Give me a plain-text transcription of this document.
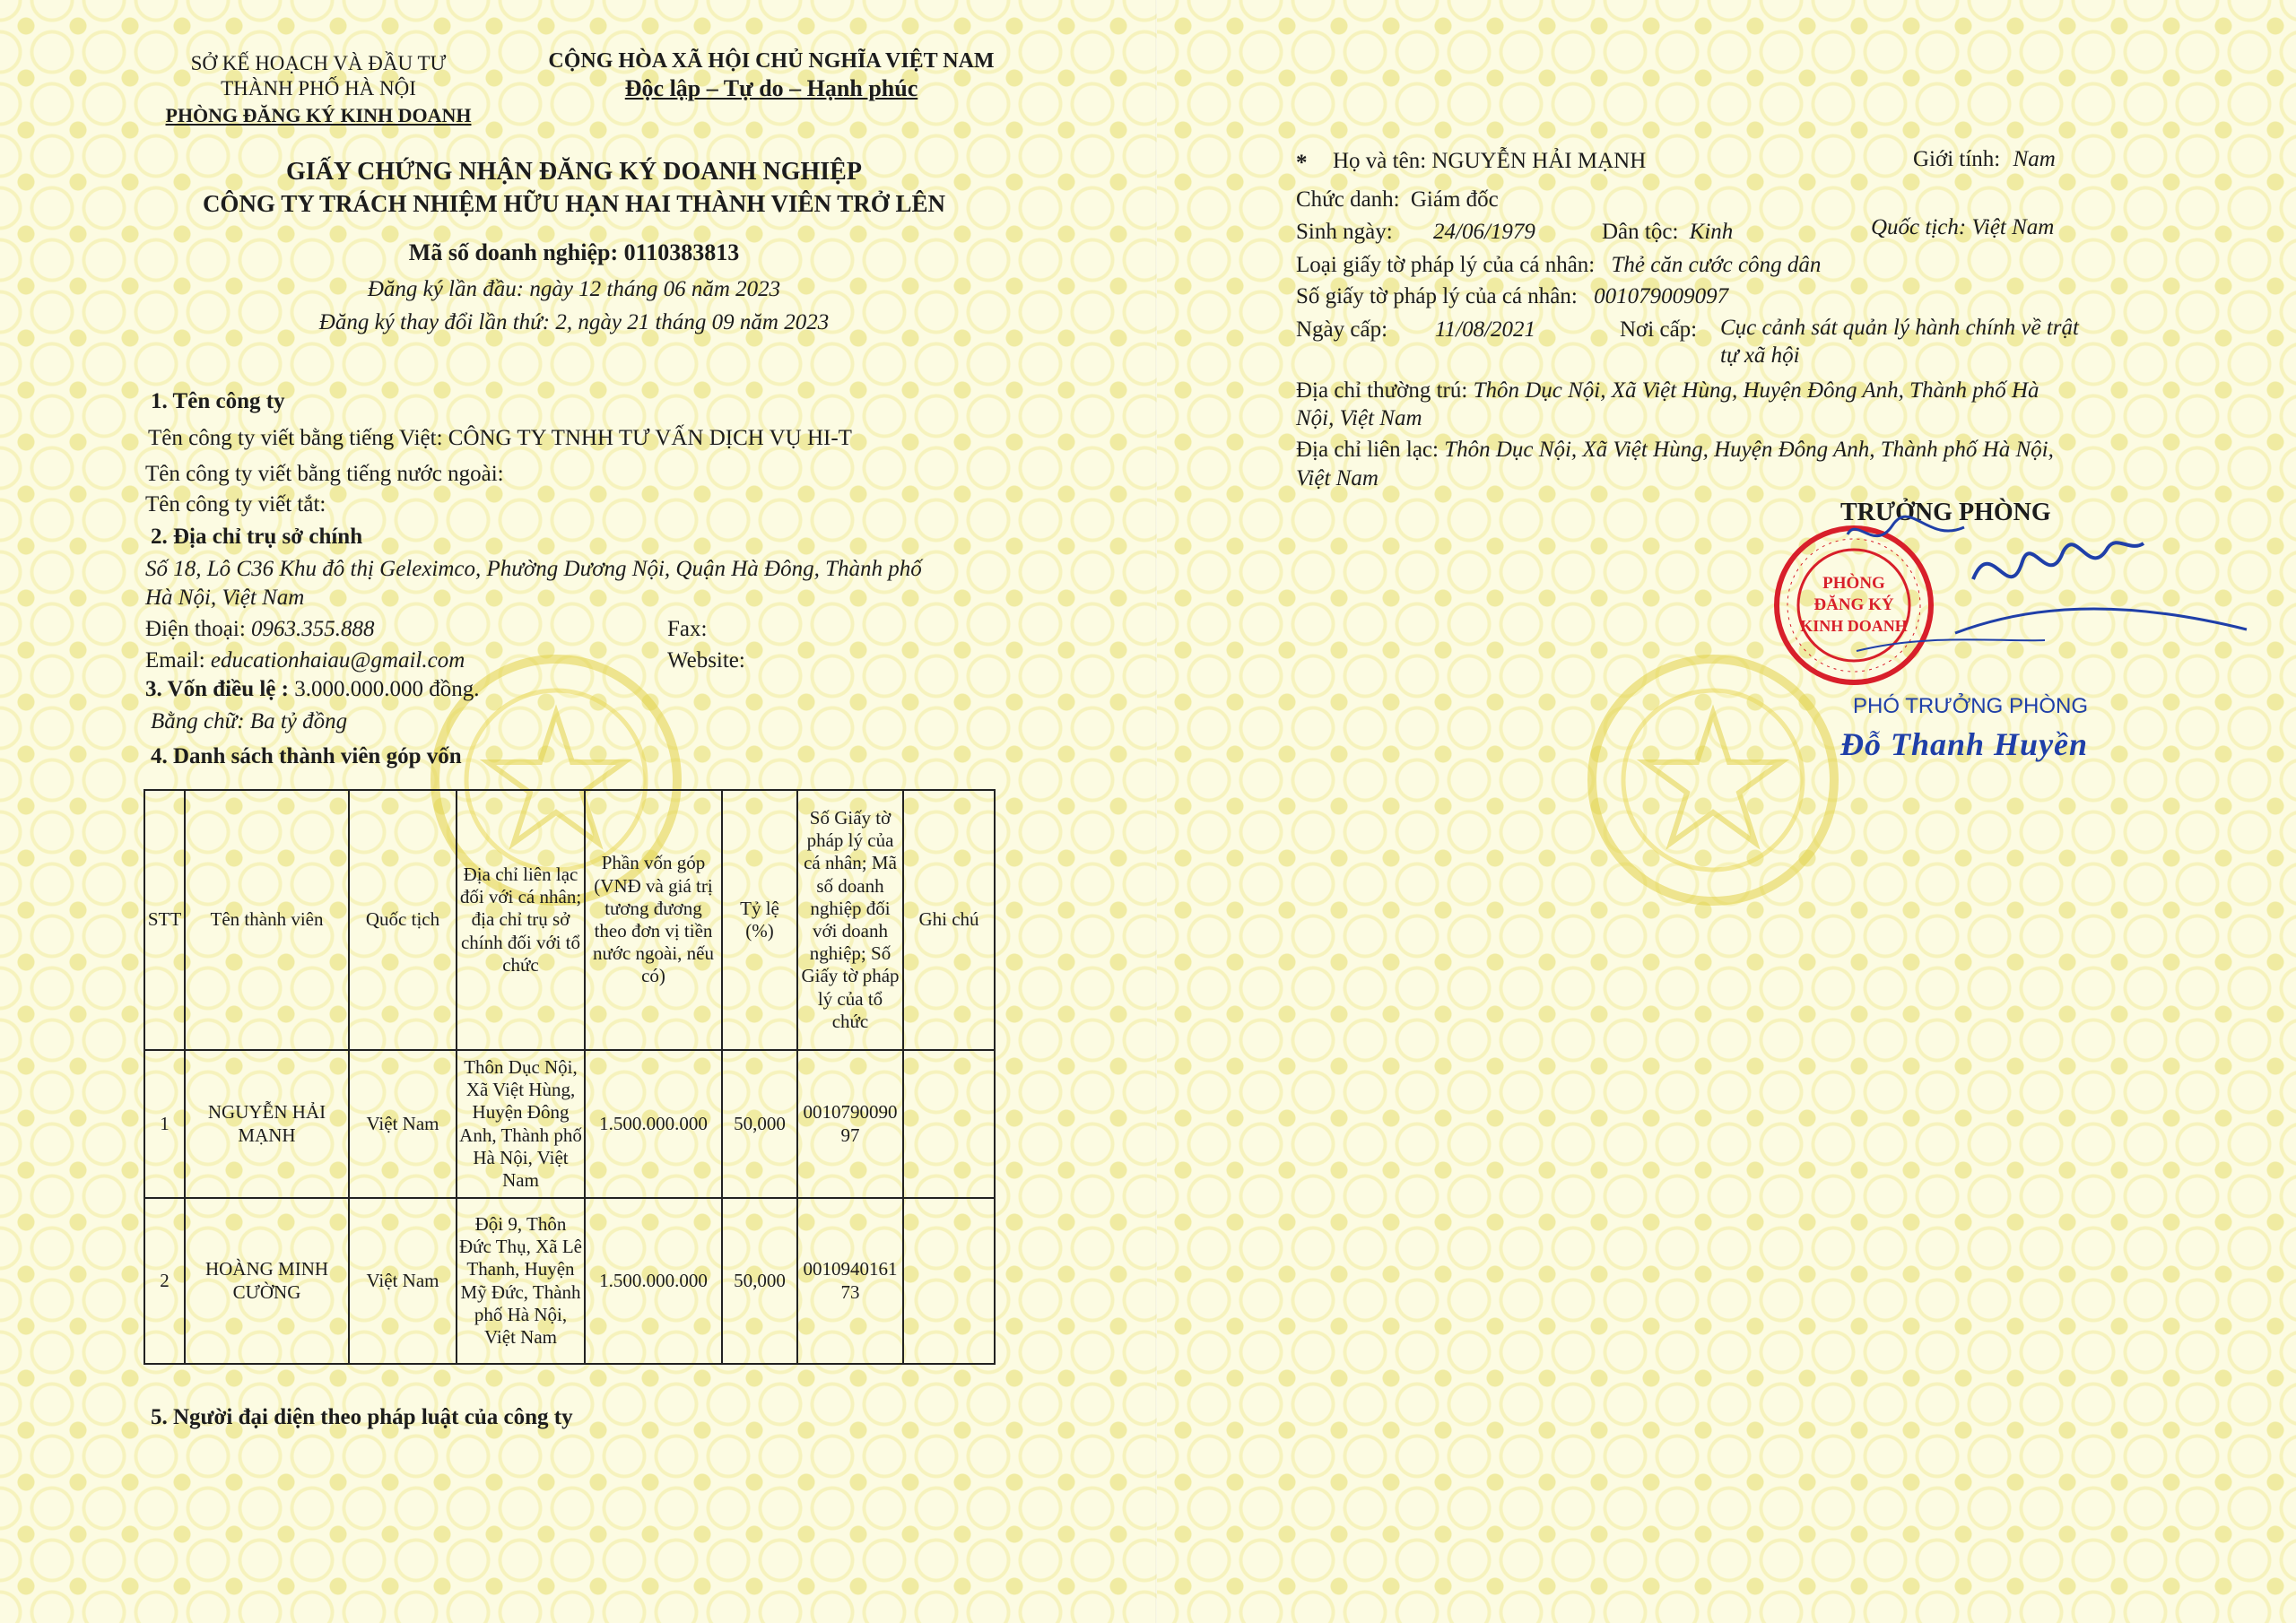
SỞ KẾ HOẠCH VÀ ĐẦU TƯ
THÀNH PHỐ HÀ NỘI
PHÒNG ĐĂNG KÝ KINH DOANH
CỘNG HÒA XÃ HỘI CHỦ NGHĨA VIỆT NAM
Độc lập – Tự do – Hạnh phúc
GIẤY CHỨNG NHẬN ĐĂNG KÝ DOANH NGHIỆP
CÔNG TY TRÁCH NHIỆM HỮU HẠN HAI THÀNH VIÊN TRỞ LÊN
Mã số doanh nghiệp: 0110383813
Đăng ký lần đầu: ngày 12 tháng 06 năm 2023
Đăng ký thay đổi lần thứ: 2, ngày 21 tháng 09 năm 2023
1. Tên công ty
Tên công ty viết bằng tiếng Việt: CÔNG TY TNHH TƯ VẤN DỊCH VỤ HI-T
Tên công ty viết bằng tiếng nước ngoài:
Tên công ty viết tắt:
2. Địa chỉ trụ sở chính
Số 18, Lô C36 Khu đô thị Geleximco, Phường Dương Nội, Quận Hà Đông, Thành phố
Hà Nội, Việt Nam
Điện thoại: 0963.355.888	Fax:
Email: educationhaiau@gmail.com	Website:
3. Vốn điều lệ : 3.000.000.000 đồng.
Bằng chữ: Ba tỷ đồng
4. Danh sách thành viên góp vốn
STT	Tên thành viên	Quốc tịch	Địa chỉ liên lạc đối với cá nhân; địa chỉ trụ sở chính đối với tổ chức	Phần vốn góp (VNĐ và giá trị tương đương theo đơn vị tiền nước ngoài, nếu có)	Tỷ lệ (%)	Số Giấy tờ pháp lý của cá nhân; Mã số doanh nghiệp đối với doanh nghiệp; Số Giấy tờ pháp lý của tổ chức	Ghi chú
1	NGUYỄN HẢI MẠNH	Việt Nam	Thôn Dục Nội, Xã Việt Hùng, Huyện Đông Anh, Thành phố Hà Nội, Việt Nam	1.500.000.000	50,000	001079009097	
2	HOÀNG MINH CƯỜNG	Việt Nam	Đội 9, Thôn Đức Thụ, Xã Lê Thanh, Huyện Mỹ Đức, Thành phố Hà Nội, Việt Nam	1.500.000.000	50,000	001094016173	
5. Người đại diện theo pháp luật của công ty
* Họ và tên: NGUYỄN HẢI MẠNH	Giới tính: Nam
Chức danh: Giám đốc
Sinh ngày: 24/06/1979	Dân tộc: Kinh	Quốc tịch: Việt Nam
Loại giấy tờ pháp lý của cá nhân: Thẻ căn cước công dân
Số giấy tờ pháp lý của cá nhân: 001079009097
Ngày cấp: 11/08/2021	Nơi cấp: Cục cảnh sát quản lý hành chính về trật
tự xã hội
Địa chỉ thường trú: Thôn Dục Nội, Xã Việt Hùng, Huyện Đông Anh, Thành phố Hà
Nội, Việt Nam
Địa chỉ liên lạc: Thôn Dục Nội, Xã Việt Hùng, Huyện Đông Anh, Thành phố Hà Nội,
Việt Nam
TRƯỞNG PHÒNG
PHÒNG
ĐĂNG KÝ
KINH DOANH
PHÓ TRƯỞNG PHÒNG
Đỗ Thanh Huyền
